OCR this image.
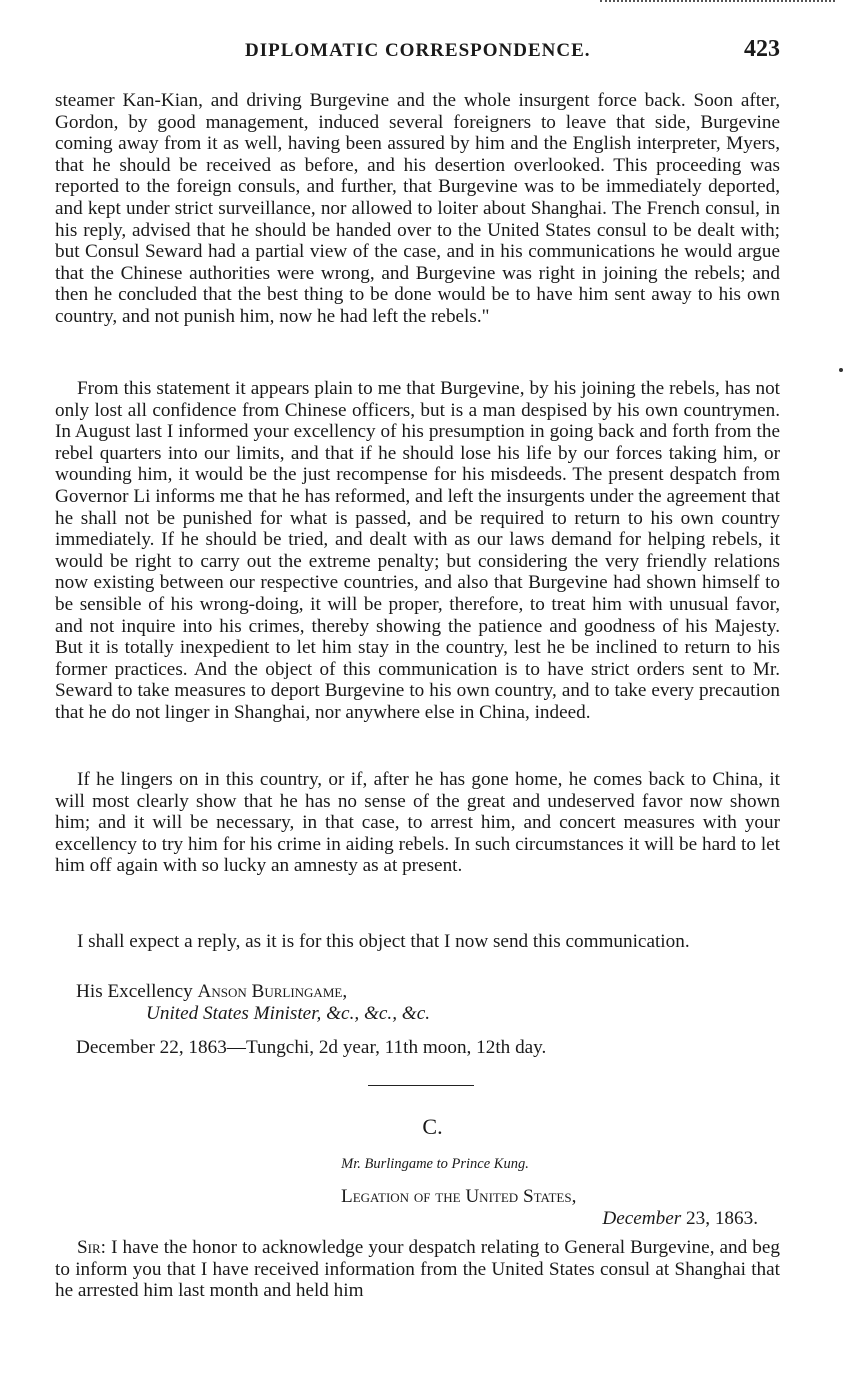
DIPLOMATIC CORRESPONDENCE.	423

steamer Kan-Kian, and driving Burgevine and the whole insurgent force back. Soon after, Gordon, by good management, induced several foreigners to leave that side, Burgevine coming away from it as well, having been assured by him and the English interpreter, Myers, that he should be received as before, and his desertion overlooked. This proceeding was reported to the foreign consuls, and further, that Burgevine was to be immediately deported, and kept under strict surveillance, nor allowed to loiter about Shanghai. The French consul, in his reply, advised that he should be handed over to the United States consul to be dealt with; but Consul Seward had a partial view of the case, and in his communications he would argue that the Chinese authorities were wrong, and Burgevine was right in joining the rebels; and then he concluded that the best thing to be done would be to have him sent away to his own country, and not punish him, now he had left the rebels."

From this statement it appears plain to me that Burgevine, by his joining the rebels, has not only lost all confidence from Chinese officers, but is a man despised by his own countrymen. In August last I informed your excellency of his presumption in going back and forth from the rebel quarters into our limits, and that if he should lose his life by our forces taking him, or wounding him, it would be the just recompense for his misdeeds. The present despatch from Governor Li informs me that he has reformed, and left the insurgents under the agreement that he shall not be punished for what is passed, and be required to return to his own country immediately. If he should be tried, and dealt with as our laws demand for helping rebels, it would be right to carry out the extreme penalty; but considering the very friendly relations now existing between our respective countries, and also that Burgevine had shown himself to be sensible of his wrong-doing, it will be proper, therefore, to treat him with unusual favor, and not inquire into his crimes, thereby showing the patience and goodness of his Majesty. But it is totally inexpedient to let him stay in the country, lest he be inclined to return to his former practices. And the object of this communication is to have strict orders sent to Mr. Seward to take measures to deport Burgevine to his own country, and to take every precaution that he do not linger in Shanghai, nor anywhere else in China, indeed.

If he lingers on in this country, or if, after he has gone home, he comes back to China, it will most clearly show that he has no sense of the great and undeserved favor now shown him; and it will be necessary, in that case, to arrest him, and concert measures with your excellency to try him for his crime in aiding rebels. In such circumstances it will be hard to let him off again with so lucky an amnesty as at present.

I shall expect a reply, as it is for this object that I now send this communication.

His Excellency Anson Burlingame,
United States Minister, &c., &c., &c.
December 22, 1863—Tungchi, 2d year, 11th moon, 12th day.
C.
Mr. Burlingame to Prince Kung.
Legation of the United States,
December 23, 1863.

Sir: I have the honor to acknowledge your despatch relating to General Burgevine, and beg to inform you that I have received information from the United States consul at Shanghai that he arrested him last month and held him
